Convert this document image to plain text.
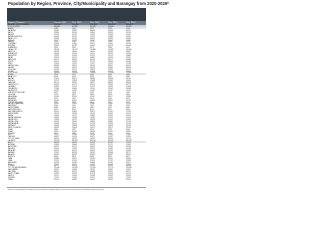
Population by Region, Province, City/Municipality and Barangay from 2020-2025*
Region / Province	Census 2020	Proj. 2021	Proj. 2022	Proj. 2023	Proj. 2024
REGION I - ILOCOS REGION	5,301,139	5,342,541	5,383,904	5,425,108	5,466,035
ILOCOS NORTE	609,588	612,980	616,330	619,640	622,900
ADAMS	2,189	2,201	2,212	2,223	2,234
BACARRA	33,496	33,682	33,866	34,048	34,227
BADOC	32,980	33,164	33,345	33,524	33,700
BANGUI	15,019	15,102	15,185	15,266	15,347
BANNA (ESPIRITU)	20,030	20,141	20,251	20,360	20,467
BATAC CITY	55,484	55,793	56,097	56,399	56,696
BURGOS	10,172	10,229	10,284	10,340	10,394
CARASI	1,756	1,766	1,775	1,785	1,794
CURRIMAO	12,829	12,900	12,971	13,040	13,109
DINGRAS	39,565	39,785	40,003	40,218	40,429
DUMALNEG	3,334	3,353	3,371	3,389	3,407
LAOAG CITY	111,651	112,273	112,886	113,493	114,090
MARCOS	18,239	18,340	18,441	18,540	18,637
NUEVA ERA	10,044	10,100	10,155	10,210	10,263
PAGUDPUD	25,293	25,434	25,573	25,710	25,846
PAOAY	24,573	24,710	24,845	24,978	25,110
PASUQUIN	30,222	30,390	30,556	30,721	30,882
PIDDIG	22,475	22,600	22,724	22,846	22,966
PINILI	17,325	17,421	17,517	17,611	17,703
SAN NICOLAS	39,308	39,527	39,743	39,957	40,167
SARRAT	25,932	26,076	26,219	26,360	26,499
SOLSONA	25,569	25,711	25,852	25,991	26,127
VINTAR	34,061	34,251	34,438	34,623	34,805
ILOCOS SUR	706,009	709,935	713,815	717,648	721,425
ALILEM	7,330	7,371	7,411	7,451	7,490
BANAYOYO	8,108	8,153	8,198	8,242	8,285
BANTAY	37,963	38,174	38,383	38,589	38,792
BURGOS	12,752	12,823	12,893	12,962	13,030
CABUGAO	38,175	38,387	38,597	38,804	39,008
CANDON CITY	61,432	61,774	62,111	62,445	62,773
CAOAYAN	20,990	21,107	21,222	21,336	21,448
CERVANTES	17,946	18,046	18,144	18,242	18,338
GALIMUYOD	10,939	11,000	11,060	11,119	11,178
GREGORIO DEL PILAR	5,076	5,104	5,132	5,160	5,187
LIDLIDDA	4,795	4,822	4,848	4,874	4,900
MAGSINGAL	31,163	31,336	31,507	31,677	31,843
NAGBUKEL	5,357	5,387	5,416	5,445	5,474
NARVACAN	46,185	46,442	46,696	46,947	47,194
QUIRINO (ANGKAKI)	9,347	9,399	9,450	9,501	9,551
SALCEDO (BAUGEN)	11,478	11,542	11,605	11,667	11,728
SAN EMILIO	7,460	7,501	7,542	7,583	7,623
SAN ESTEBAN	9,284	9,336	9,387	9,437	9,487
SAN ILDEFONSO	8,025	8,070	8,114	8,157	8,200
SAN JUAN (LAPOG)	26,676	26,824	26,971	27,116	27,259
SAN VICENTE	13,213	13,286	13,359	13,431	13,502
SANTA	14,690	14,772	14,852	14,932	15,011
SANTA CATALINA	14,826	14,908	14,990	15,070	15,150
SANTA CRUZ	41,084	41,312	41,538	41,761	41,981
SANTA LUCIA	26,549	26,697	26,843	26,987	27,129
SANTA MARIA	31,446	31,621	31,794	31,964	32,133
SANTIAGO	19,698	19,808	19,916	20,023	20,128
SANTO DOMINGO	28,895	29,056	29,214	29,371	29,526
SIGAY	2,980	2,997	3,013	3,029	3,045
SINAIT	26,357	26,504	26,648	26,791	26,932
SUGPON	5,057	5,085	5,113	5,140	5,167
SUYO	12,215	12,283	12,350	12,416	12,481
TAGUDIN	40,922	41,150	41,375	41,597	41,816
CITY OF VIGAN	53,935	54,235	54,531	54,824	55,113
LA UNION	822,352	826,925	831,445	835,910	840,309
AGOO	66,028	66,395	66,758	67,116	67,470
ARINGAY	50,380	50,660	50,937	51,211	51,480
BACNOTAN	44,527	44,775	45,019	45,261	45,500
BAGULIN	14,452	14,532	14,612	14,690	14,768
BALAOAN	40,120	40,343	40,563	40,781	40,996
BANGAR	37,942	38,153	38,362	38,568	38,771
BAUANG	84,469	84,939	85,403	85,862	86,314
BURGOS	8,294	8,340	8,386	8,431	8,475
CABA	22,885	23,012	23,138	23,262	23,385
LUNA	37,119	37,325	37,529	37,731	37,930
NAGUILIAN	54,286	54,588	54,886	55,181	55,472
PUGO	21,000	21,117	21,232	21,346	21,458
ROSARIO	63,577	63,930	64,280	64,625	64,965
CITY OF SAN FERNANDO	125,640	126,339	127,029	127,711	128,383
SAN GABRIEL	19,574	19,683	19,790	19,897	20,001
SAN JUAN	39,254	39,472	39,688	39,901	40,111
SANTO TOMAS	40,825	41,052	41,276	41,498	41,716
SANTOL	14,112	14,190	14,268	14,345	14,420
SUDIPEN	17,167	17,262	17,357	17,450	17,542
TUBAO	32,700	32,882	33,061	33,239	33,414
* Based on the population estimates of the PSA and as projected by the DOH Field Health Services Information Systems (FHSIS)
